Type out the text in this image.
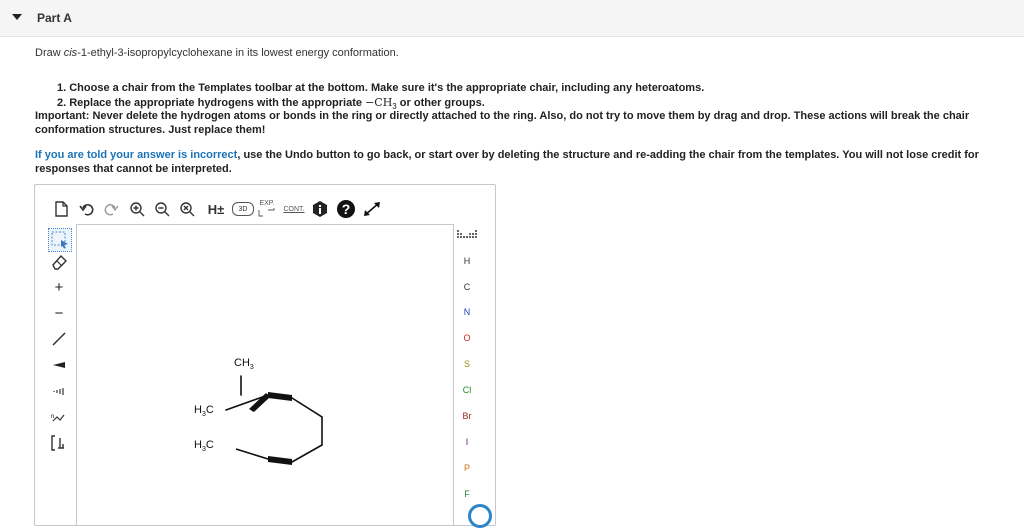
Part A
Draw cis-1-ethyl-3-isopropylcyclohexane in its lowest energy conformation.
1. Choose a chair from the Templates toolbar at the bottom. Make sure it's the appropriate chair, including any heteroatoms.
2. Replace the appropriate hydrogens with the appropriate $-CH_3$ or other groups.
Important: Never delete the hydrogen atoms or bonds in the ring or directly attached to the ring. Also, do not try to move them by drag and drop. These actions will break the chair
conformation structures. Just replace them!
If you are told your answer is incorrect, use the Undo button to go back, or start over by deleting the structure and re-adding the chair from the templates. You will not lose credit for
responses that cannot be interpreted.
H±	3D
EXP.
CONT.	?
+
−
n
$CH_3$
$H_3C$
$H_3C$
H
C
N
O
S
Cl
Br
I
P
F
